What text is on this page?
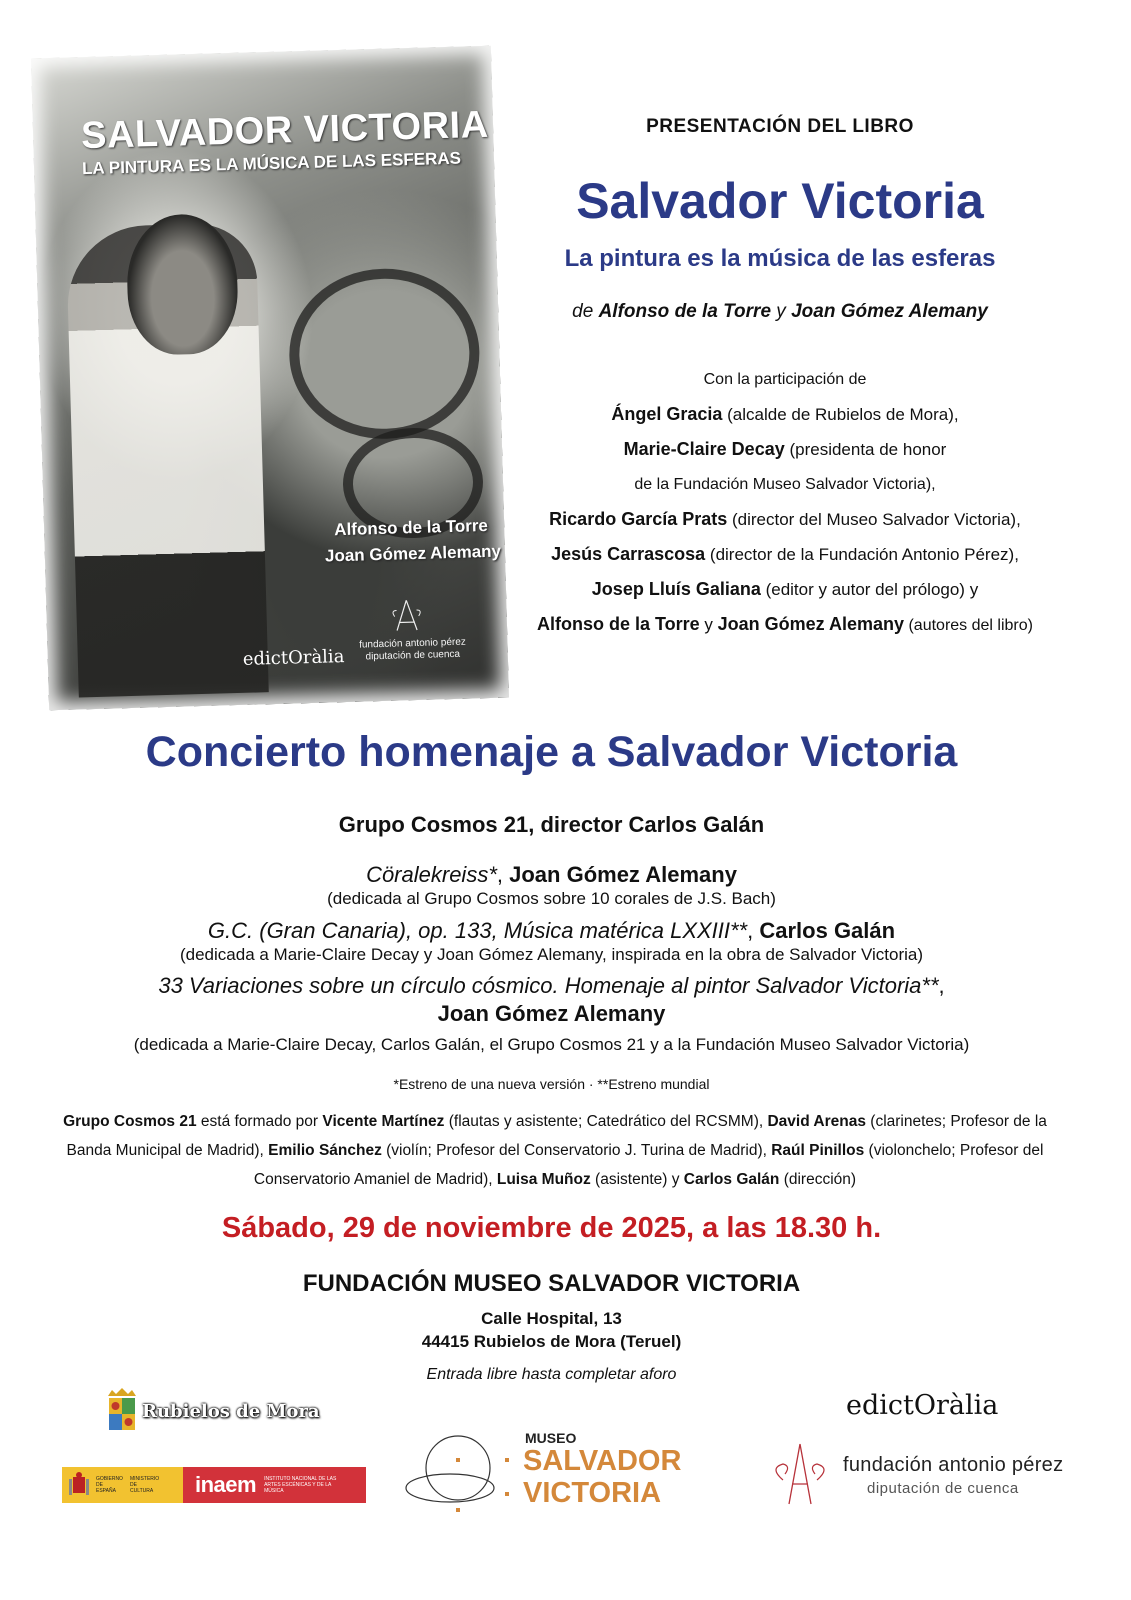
SALVADOR VICTORIA
LA PINTURA ES LA MÚSICA DE LAS ESFERAS
Alfonso de la Torre
Joan Gómez Alemany
edictOràlia
fundación antonio pérez
diputación de cuenca
PRESENTACIÓN DEL LIBRO
Salvador Victoria
La pintura es la música de las esferas
de Alfonso de la Torre y Joan Gómez Alemany
Con la participación de
Ángel Gracia (alcalde de Rubielos de Mora),
Marie-Claire Decay (presidenta de honor
de la Fundación Museo Salvador Victoria),
Ricardo García Prats (director del Museo Salvador Victoria),
Jesús Carrascosa (director de la Fundación Antonio Pérez),
Josep Lluís Galiana (editor y autor del prólogo) y
Alfonso de la Torre y Joan Gómez Alemany (autores del libro)
Concierto homenaje a Salvador Victoria
Grupo Cosmos 21, director Carlos Galán
Cöralekreiss*, Joan Gómez Alemany
(dedicada al Grupo Cosmos sobre 10 corales de J.S. Bach)
G.C. (Gran Canaria), op. 133, Música matérica LXXIII**, Carlos Galán
(dedicada a Marie-Claire Decay y Joan Gómez Alemany, inspirada en la obra de Salvador Victoria)
33 Variaciones sobre un círculo cósmico. Homenaje al pintor Salvador Victoria**,
Joan Gómez Alemany
(dedicada a Marie-Claire Decay, Carlos Galán, el Grupo Cosmos 21 y a la Fundación Museo Salvador Victoria)
*Estreno de una nueva versión · **Estreno mundial
Grupo Cosmos 21 está formado por Vicente Martínez (flautas y asistente; Catedrático del RCSMM), David Arenas (clarinetes; Profesor de la Banda Municipal de Madrid), Emilio Sánchez (violín; Profesor del Conservatorio J. Turina de Madrid), Raúl Pinillos (violonchelo; Profesor del Conservatorio Amaniel de Madrid), Luisa Muñoz (asistente) y Carlos Galán (dirección)
Sábado, 29 de noviembre de 2025, a las 18.30 h.
FUNDACIÓN MUSEO SALVADOR VICTORIA
Calle Hospital, 13
44415 Rubielos de Mora (Teruel)
Entrada libre hasta completar aforo
Rubielos de Mora
GOBIERNO DE ESPAÑA
MINISTERIO DE CULTURA	inaem INSTITUTO NACIONAL DE LAS ARTES ESCÉNICAS Y DE LA MÚSICA
MUSEO
SALVADOR
VICTORIA
edictOràlia
fundación antonio pérez
diputación de cuenca
